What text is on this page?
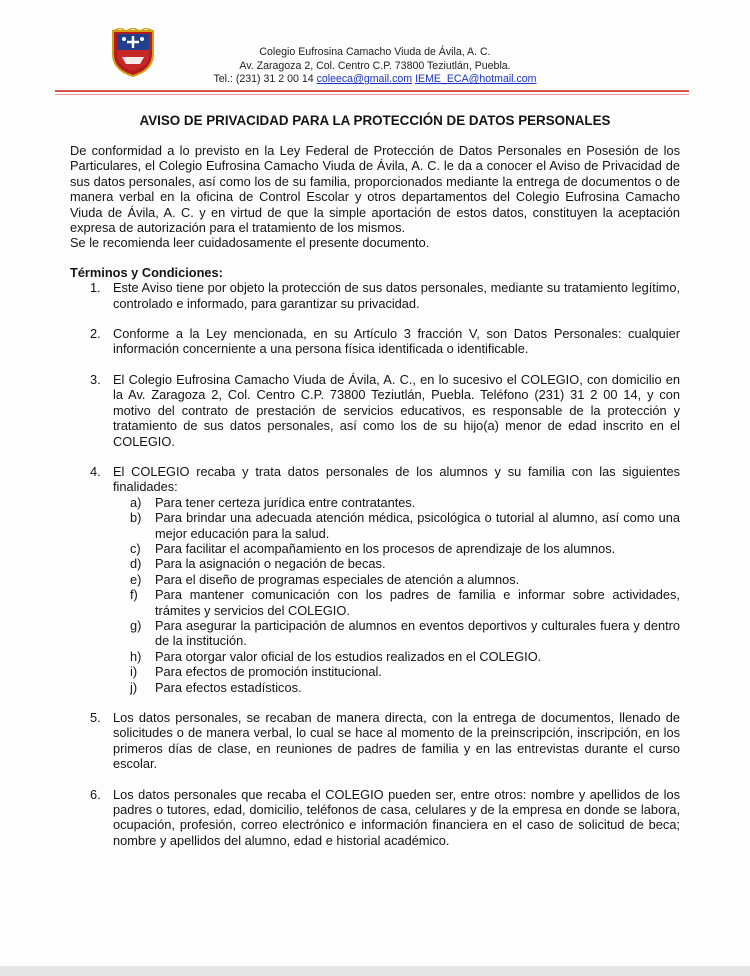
Colegio Eufrosina Camacho Viuda de Ávila, A. C.
Av. Zaragoza 2, Col. Centro C.P. 73800 Teziutlán, Puebla.
Tel.: (231) 31 2 00 14 coleeca@gmail.com IEME_ECA@hotmail.com
AVISO DE PRIVACIDAD PARA LA PROTECCIÓN DE DATOS PERSONALES

De conformidad a lo previsto en la Ley Federal de Protección de Datos Personales en Posesión de los Particulares, el Colegio Eufrosina Camacho Viuda de Ávila, A. C. le da a conocer el Aviso de Privacidad de sus datos personales, así como los de su familia, proporcionados mediante la entrega de documentos o de manera verbal en la oficina de Control Escolar y otros departamentos del Colegio Eufrosina Camacho Viuda de Ávila, A. C. y en virtud de que la simple aportación de estos datos, constituyen la aceptación expresa de autorización para el tratamiento de los mismos.

Se le recomienda leer cuidadosamente el presente documento.

Términos y Condiciones:
1. Este Aviso tiene por objeto la protección de sus datos personales, mediante su tratamiento legítimo, controlado e informado, para garantizar su privacidad.
2. Conforme a la Ley mencionada, en su Artículo 3 fracción V, son Datos Personales: cualquier información concerniente a una persona física identificada o identificable.
3. El Colegio Eufrosina Camacho Viuda de Ávila, A. C., en lo sucesivo el COLEGIO, con domicilio en la Av. Zaragoza 2, Col. Centro C.P. 73800 Teziutlán, Puebla. Teléfono (231) 31 2 00 14, y con motivo del contrato de prestación de servicios educativos, es responsable de la protección y tratamiento de sus datos personales, así como los de su hijo(a) menor de edad inscrito en el COLEGIO.
4. El COLEGIO recaba y trata datos personales de los alumnos y su familia con las siguientes finalidades:
a) Para tener certeza jurídica entre contratantes.
b) Para brindar una adecuada atención médica, psicológica o tutorial al alumno, así como una mejor educación para la salud.
c) Para facilitar el acompañamiento en los procesos de aprendizaje de los alumnos.
d) Para la asignación o negación de becas.
e) Para el diseño de programas especiales de atención a alumnos.
f) Para mantener comunicación con los padres de familia e informar sobre actividades, trámites y servicios del COLEGIO.
g) Para asegurar la participación de alumnos en eventos deportivos y culturales fuera y dentro de la institución.
h) Para otorgar valor oficial de los estudios realizados en el COLEGIO.
i) Para efectos de promoción institucional.
j) Para efectos estadísticos.
5. Los datos personales, se recaban de manera directa, con la entrega de documentos, llenado de solicitudes o de manera verbal, lo cual se hace al momento de la preinscripción, inscripción, en los primeros días de clase, en reuniones de padres de familia y en las entrevistas durante el curso escolar.
6. Los datos personales que recaba el COLEGIO pueden ser, entre otros: nombre y apellidos de los padres o tutores, edad, domicilio, teléfonos de casa, celulares y de la empresa en donde se labora, ocupación, profesión, correo electrónico e información financiera en el caso de solicitud de beca; nombre y apellidos del alumno, edad e historial académico.
